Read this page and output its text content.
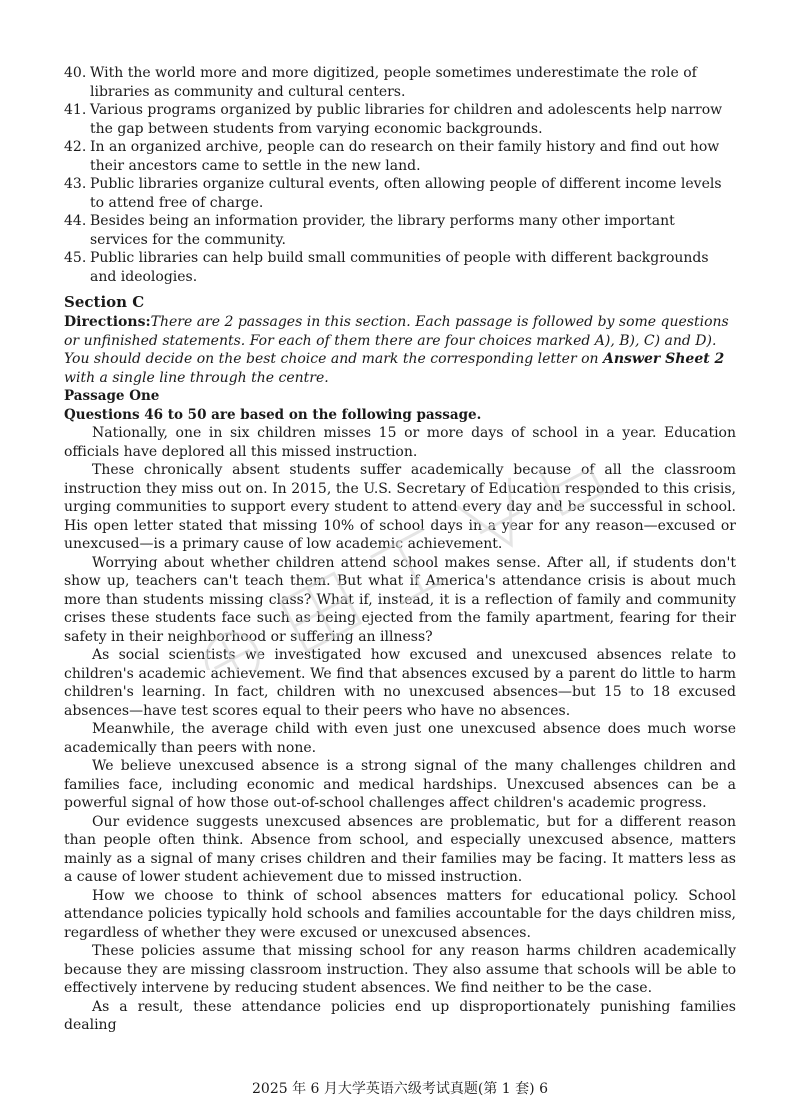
40. With the world more and more digitized, people sometimes underestimate the role of libraries as community and cultural centers.

41. Various programs organized by public libraries for children and adolescents help narrow the gap between students from varying economic backgrounds.

42. In an organized archive, people can do research on their family history and find out how their ancestors came to settle in the new land.

43. Public libraries organize cultural events, often allowing people of different income levels to attend free of charge.

44. Besides being an information provider, the library performs many other important services for the community.

45. Public libraries can help build small communities of people with different backgrounds and ideologies.

Section C

Directions:There are 2 passages in this section. Each passage is followed by some questions or unfinished statements. For each of them there are four choices marked A), B), C) and D). You should decide on the best choice and mark the corresponding letter on Answer Sheet 2 with a single line through the centre.

Passage One
Questions 46 to 50 are based on the following passage.

Nationally, one in six children misses 15 or more days of school in a year. Education officials have deplored all this missed instruction.

These chronically absent students suffer academically because of all the classroom instruction they miss out on. In 2015, the U.S. Secretary of Education responded to this crisis, urging communities to support every student to attend every day and be successful in school. His open letter stated that missing 10% of school days in a year for any reason—excused or unexcused—is a primary cause of low academic achievement.

Worrying about whether children attend school makes sense. After all, if students don't show up, teachers can't teach them. But what if America's attendance crisis is about much more than students missing class? What if, instead, it is a reflection of family and community crises these students face such as being ejected from the family apartment, fearing for their safety in their neighborhood or suffering an illness?

As social scientists we investigated how excused and unexcused absences relate to children's academic achievement. We find that absences excused by a parent do little to harm children's learning. In fact, children with no unexcused absences—but 15 to 18 excused absences—have test scores equal to their peers who have no absences.

Meanwhile, the average child with even just one unexcused absence does much worse academically than peers with none.

We believe unexcused absence is a strong signal of the many challenges children and families face, including economic and medical hardships. Unexcused absences can be a powerful signal of how those out-of-school challenges affect children's academic progress.

Our evidence suggests unexcused absences are problematic, but for a different reason than people often think. Absence from school, and especially unexcused absence, matters mainly as a signal of many crises children and their families may be facing. It matters less as a cause of lower student achievement due to missed instruction.

How we choose to think of school absences matters for educational policy. School attendance policies typically hold schools and families accountable for the days children miss, regardless of whether they were excused or unexcused absences.

These policies assume that missing school for any reason harms children academically because they are missing classroom instruction. They also assume that schools will be able to effectively intervene by reducing student absences. We find neither to be the case.

As a result, these attendance policies end up disproportionately punishing families dealing

2025 年 6 月大学英语六级考试真题(第 1 套) 6
